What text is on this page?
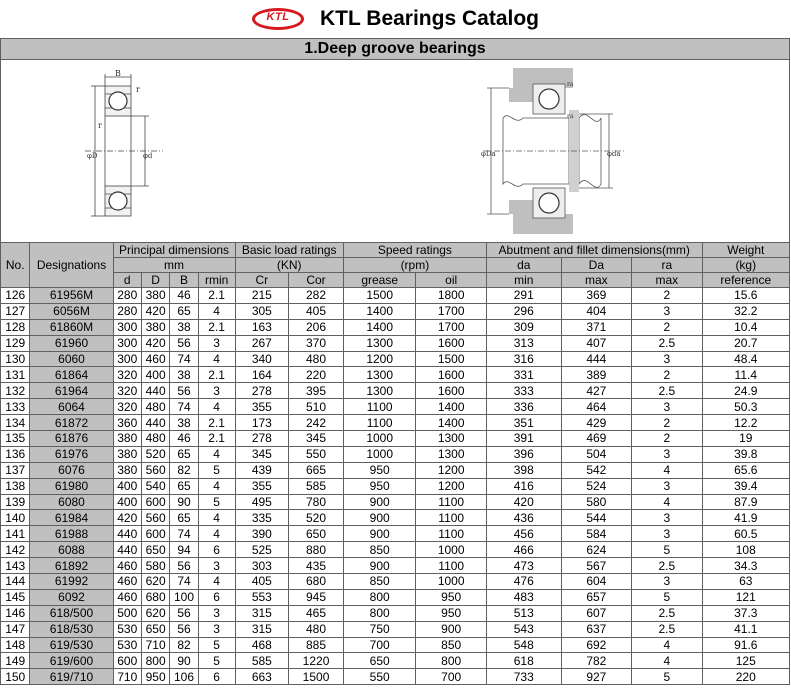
KTL	KTL Bearings Catalog
1.Deep groove bearings
B
r
r
φD	φd
ra
ra
φDa	φda
No.	Designations	Principal dimensions				Basic load ratings		Speed ratings		Abutment and fillet dimensions(mm)			Weight
		mm				(KN)		(rpm)		da	Da	ra	(kg)
		d	D	B	rmin	Cr	Cor	grease	oil	min	max	max	reference
126	61956M	280	380	46	2.1	215	282	1500	1800	291	369	2	15.6
127	6056M	280	420	65	4	305	405	1400	1700	296	404	3	32.2
128	61860M	300	380	38	2.1	163	206	1400	1700	309	371	2	10.4
129	61960	300	420	56	3	267	370	1300	1600	313	407	2.5	20.7
130	6060	300	460	74	4	340	480	1200	1500	316	444	3	48.4
131	61864	320	400	38	2.1	164	220	1300	1600	331	389	2	11.4
132	61964	320	440	56	3	278	395	1300	1600	333	427	2.5	24.9
133	6064	320	480	74	4	355	510	1100	1400	336	464	3	50.3
134	61872	360	440	38	2.1	173	242	1100	1400	351	429	2	12.2
135	61876	380	480	46	2.1	278	345	1000	1300	391	469	2	19
136	61976	380	520	65	4	345	550	1000	1300	396	504	3	39.8
137	6076	380	560	82	5	439	665	950	1200	398	542	4	65.6
138	61980	400	540	65	4	355	585	950	1200	416	524	3	39.4
139	6080	400	600	90	5	495	780	900	1100	420	580	4	87.9
140	61984	420	560	65	4	335	520	900	1100	436	544	3	41.9
141	61988	440	600	74	4	390	650	900	1100	456	584	3	60.5
142	6088	440	650	94	6	525	880	850	1000	466	624	5	108
143	61892	460	580	56	3	303	435	900	1100	473	567	2.5	34.3
144	61992	460	620	74	4	405	680	850	1000	476	604	3	63
145	6092	460	680	100	6	553	945	800	950	483	657	5	121
146	618/500	500	620	56	3	315	465	800	950	513	607	2.5	37.3
147	618/530	530	650	56	3	315	480	750	900	543	637	2.5	41.1
148	619/530	530	710	82	5	468	885	700	850	548	692	4	91.6
149	619/600	600	800	90	5	585	1220	650	800	618	782	4	125
150	619/710	710	950	106	6	663	1500	550	700	733	927	5	220
